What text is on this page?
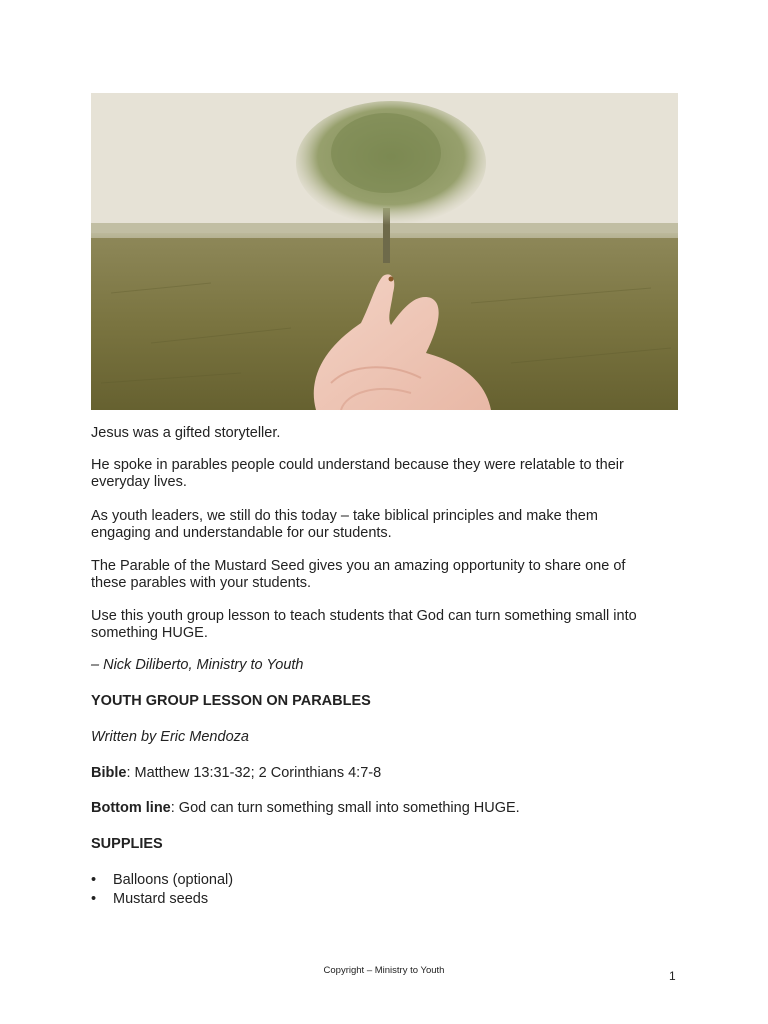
Jesus was a gifted storyteller.

He spoke in parables people could understand because they were relatable to their

everyday lives.

As youth leaders, we still do this today – take biblical principles and make them

engaging and understandable for our students.

The Parable of the Mustard Seed gives you an amazing opportunity to share one of

these parables with your students.

Use this youth group lesson to teach students that God can turn something small into

something HUGE.

– Nick Diliberto, Ministry to Youth

YOUTH GROUP LESSON ON PARABLES

Written by Eric Mendoza

Bible: Matthew 13:31-32; 2 Corinthians 4:7-8

Bottom line: God can turn something small into something HUGE.

SUPPLIES

• Balloons (optional)
• Mustard seeds
Copyright – Ministry to Youth	1
